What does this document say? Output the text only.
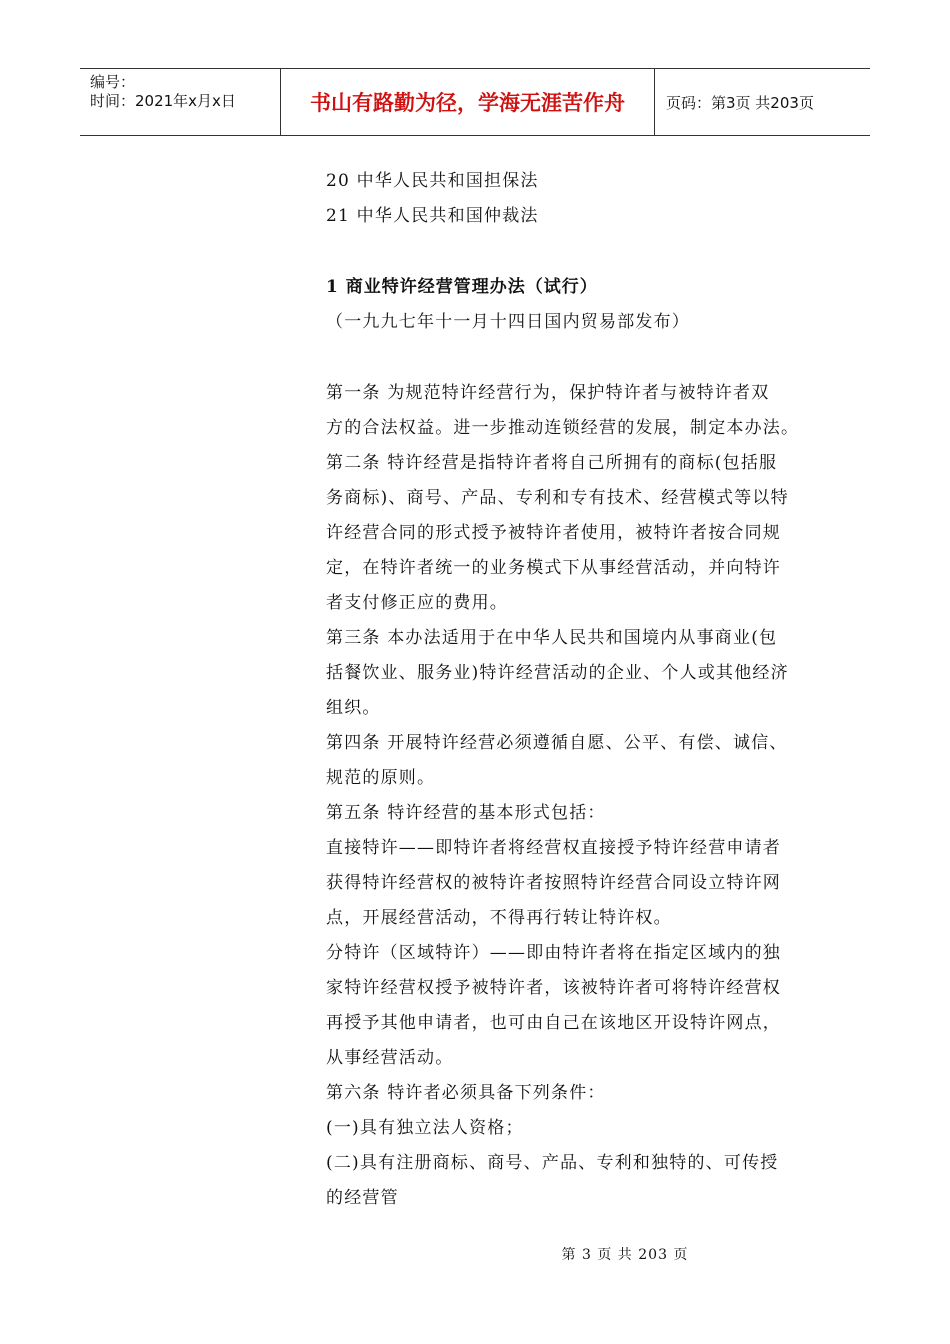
编号：
时间：2021年x月x日	书山有路勤为径，学海无涯苦作舟	页码：第3页 共203页
20 中华人民共和国担保法
21 中华人民共和国仲裁法
1 商业特许经营管理办法（试行）
（一九九七年十一月十四日国内贸易部发布）
第一条 为规范特许经营行为，保护特许者与被特许者双
方的合法权益。进一步推动连锁经营的发展，制定本办法。
第二条 特许经营是指特许者将自己所拥有的商标(包括服
务商标)、商号、产品、专利和专有技术、经营模式等以特
许经营合同的形式授予被特许者使用，被特许者按合同规
定，在特许者统一的业务模式下从事经营活动，并向特许
者支付修正应的费用。
第三条 本办法适用于在中华人民共和国境内从事商业(包
括餐饮业、服务业)特许经营活动的企业、个人或其他经济
组织。
第四条 开展特许经营必须遵循自愿、公平、有偿、诚信、
规范的原则。
第五条 特许经营的基本形式包括：
直接特许——即特许者将经营权直接授予特许经营申请者
获得特许经营权的被特许者按照特许经营合同设立特许网
点，开展经营活动，不得再行转让特许权。
分特许（区域特许）——即由特许者将在指定区域内的独
家特许经营权授予被特许者，该被特许者可将特许经营权
再授予其他申请者，也可由自己在该地区开设特许网点，
从事经营活动。
第六条 特许者必须具备下列条件：
(一)具有独立法人资格；
(二)具有注册商标、商号、产品、专利和独特的、可传授
的经营管
第 3 页 共 203 页
